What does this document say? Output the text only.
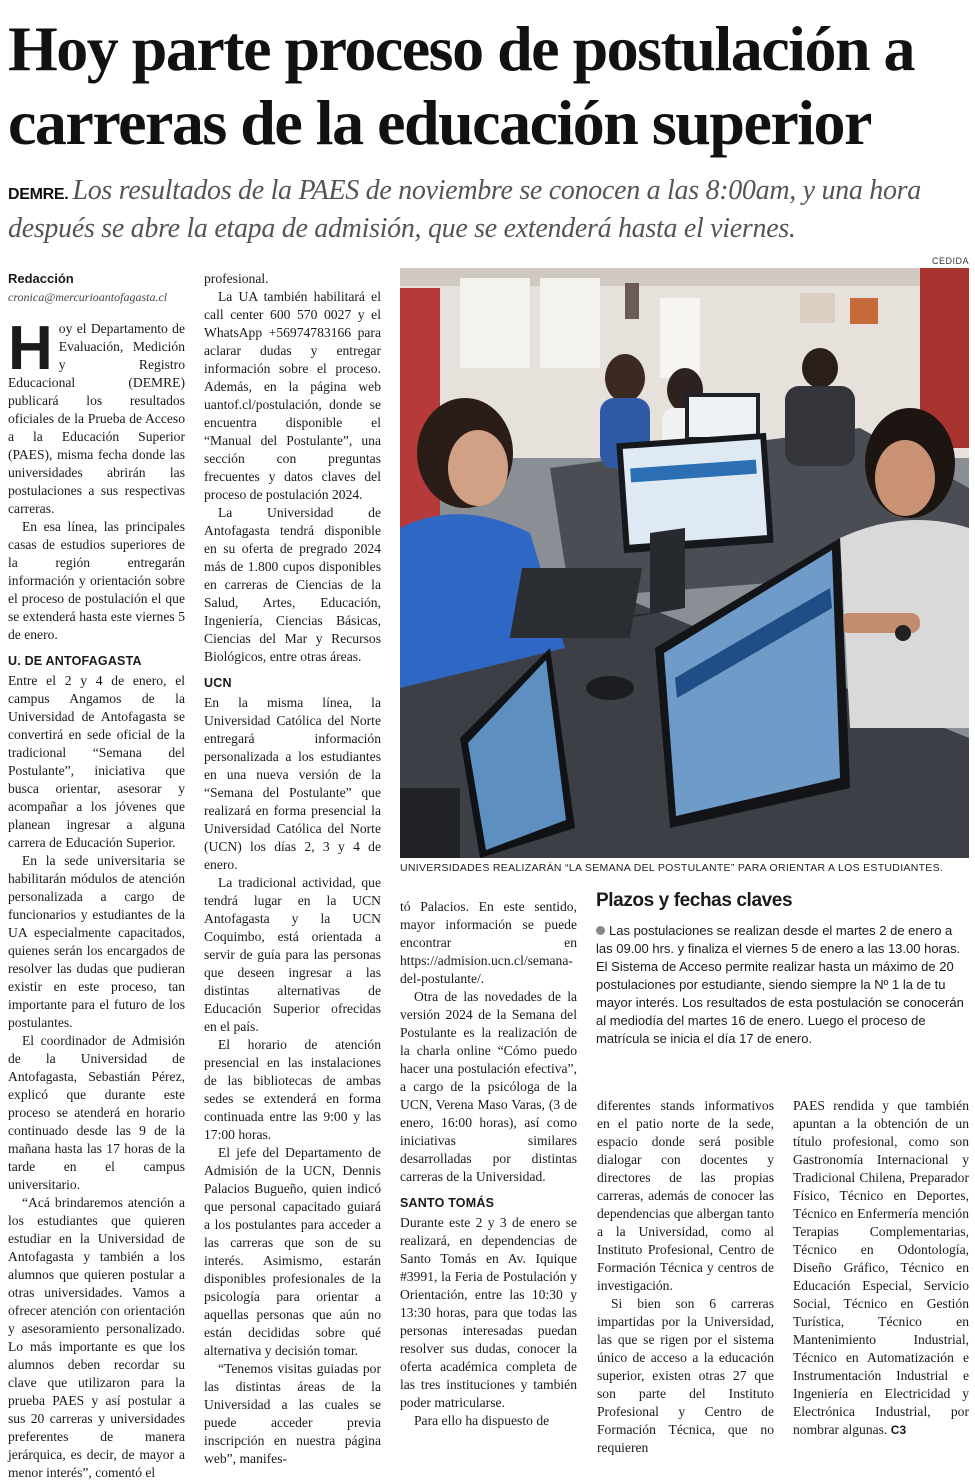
Hoy parte proceso de postulación a carreras de la educación superior

DEMRE. Los resultados de la PAES de noviembre se conocen a las 8:00am, y una hora después se abre la etapa de admisión, que se extenderá hasta el viernes.

CEDIDA
Redacción
cronica@mercurioantofagasta.cl

Hoy el Departamento de Evaluación, Medición y Registro Educacional (DEMRE) publicará los resultados oficiales de la Prueba de Acceso a la Educación Superior (PAES), misma fecha donde las universidades abrirán las postulaciones a sus respectivas carreras.

En esa línea, las principales casas de estudios superiores de la región entregarán información y orientación sobre el proceso de postulación el que se extenderá hasta este viernes 5 de enero.

U. DE ANTOFAGASTA

Entre el 2 y 4 de enero, el campus Angamos de la Universidad de Antofagasta se convertirá en sede oficial de la tradicional “Semana del Postulante”, iniciativa que busca orientar, asesorar y acompañar a los jóvenes que planean ingresar a alguna carrera de Educación Superior.

En la sede universitaria se habilitarán módulos de atención personalizada a cargo de funcionarios y estudiantes de la UA especialmente capacitados, quienes serán los encargados de resolver las dudas que pudieran existir en este proceso, tan importante para el futuro de los postulantes.

El coordinador de Admisión de la Universidad de Antofagasta, Sebastián Pérez, explicó que durante este proceso se atenderá en horario continuado desde las 9 de la mañana hasta las 17 horas de la tarde en el campus universitario.

“Acá brindaremos atención a los estudiantes que quieren estudiar en la Universidad de Antofagasta y también a los alumnos que quieren postular a otras universidades. Vamos a ofrecer atención con orientación y asesoramiento personalizado. Lo más importante es que los alumnos deben recordar su clave que utilizaron para la prueba PAES y así postular a sus 20 carreras y universidades preferentes de manera jerárquica, es decir, de mayor a menor interés”, comentó el

profesional.

La UA también habilitará el call center 600 570 0027 y el WhatsApp +56974783166 para aclarar dudas y entregar información sobre el proceso. Además, en la página web uantof.cl/postulación, donde se encuentra disponible el “Manual del Postulante”, una sección con preguntas frecuentes y datos claves del proceso de postulación 2024.

La Universidad de Antofagasta tendrá disponible en su oferta de pregrado 2024 más de 1.800 cupos disponibles en carreras de Ciencias de la Salud, Artes, Educación, Ingeniería, Ciencias Básicas, Ciencias del Mar y Recursos Biológicos, entre otras áreas.

UCN

En la misma línea, la Universidad Católica del Norte entregará información personalizada a los estudiantes en una nueva versión de la “Semana del Postulante” que realizará en forma presencial la Universidad Católica del Norte (UCN) los días 2, 3 y 4 de enero.

La tradicional actividad, que tendrá lugar en la UCN Antofagasta y la UCN Coquimbo, está orientada a servir de guía para las personas que deseen ingresar a las distintas alternativas de Educación Superior ofrecidas en el país.

El horario de atención presencial en las instalaciones de las bibliotecas de ambas sedes se extenderá en forma continuada entre las 9:00 y las 17:00 horas.

El jefe del Departamento de Admisión de la UCN, Dennis Palacios Bugueño, quien indicó que personal capacitado guiará a los postulantes para acceder a las carreras que son de su interés. Asimismo, estarán disponibles profesionales de la psicología para orientar a aquellas personas que aún no están decididas sobre qué alternativa y decisión tomar.

“Tenemos visitas guiadas por las distintas áreas de la Universidad a las cuales se puede acceder previa inscripción en nuestra página web”, manifes-

UNIVERSIDADES REALIZARÁN “LA SEMANA DEL POSTULANTE” PARA ORIENTAR A LOS ESTUDIANTES.

tó Palacios. En este sentido, mayor información se puede encontrar en https://admision.ucn.cl/semana-del-postulante/.

Otra de las novedades de la versión 2024 de la Semana del Postulante es la realización de la charla online “Cómo puedo hacer una postulación efectiva”, a cargo de la psicóloga de la UCN, Verena Maso Varas, (3 de enero, 16:00 horas), así como iniciativas similares desarrolladas por distintas carreras de la Universidad.

SANTO TOMÁS

Durante este 2 y 3 de enero se realizará, en dependencias de Santo Tomás en Av. Iquique #3991, la Feria de Postulación y Orientación, entre las 10:30 y 13:30 horas, para que todas las personas interesadas puedan resolver sus dudas, conocer la oferta académica completa de las tres instituciones y también poder matricularse.

Para ello ha dispuesto de

Plazos y fechas claves

Las postulaciones se realizan desde el martes 2 de enero a las 09.00 hrs. y finaliza el viernes 5 de enero a las 13.00 horas. El Sistema de Acceso permite realizar hasta un máximo de 20 postulaciones por estudiante, siendo siempre la Nº 1 la de tu mayor interés. Los resultados de esta postulación se conocerán al mediodía del martes 16 de enero. Luego el proceso de matrícula se inicia el día 17 de enero.

diferentes stands informativos en el patio norte de la sede, espacio donde será posible dialogar con docentes y directores de las propias carreras, además de conocer las dependencias que albergan tanto a la Universidad, como al Instituto Profesional, Centro de Formación Técnica y centros de investigación.

Si bien son 6 carreras impartidas por la Universidad, las que se rigen por el sistema único de acceso a la educación superior, existen otras 27 que son parte del Instituto Profesional y Centro de Formación Técnica, que no requieren

PAES rendida y que también apuntan a la obtención de un título profesional, como son Gastronomía Internacional y Tradicional Chilena, Preparador Físico, Técnico en Deportes, Técnico en Enfermería mención Terapias Complementarias, Técnico en Odontología, Diseño Gráfico, Técnico en Educación Especial, Servicio Social, Técnico en Gestión Turística, Técnico en Mantenimiento Industrial, Técnico en Automatización e Instrumentación Industrial e Ingeniería en Electricidad y Electrónica Industrial, por nombrar algunas. C3
